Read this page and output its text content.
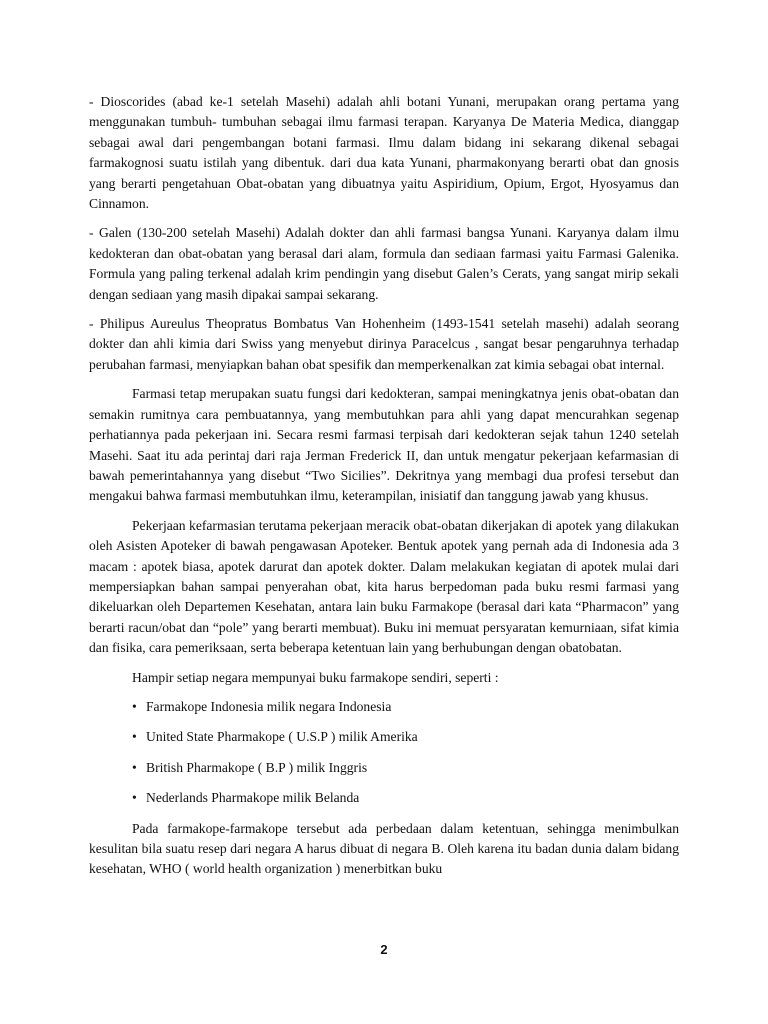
- Dioscorides (abad ke-1 setelah Masehi) adalah ahli botani Yunani, merupakan orang pertama yang menggunakan tumbuh- tumbuhan sebagai ilmu farmasi terapan. Karyanya De Materia Medica, dianggap sebagai awal dari pengembangan botani farmasi. Ilmu dalam bidang ini sekarang dikenal sebagai farmakognosi suatu istilah yang dibentuk. dari dua kata Yunani, pharmakonyang berarti obat dan gnosis yang berarti pengetahuan Obat-obatan yang dibuatnya yaitu Aspiridium, Opium, Ergot, Hyosyamus dan Cinnamon.

- Galen (130-200 setelah Masehi) Adalah dokter dan ahli farmasi bangsa Yunani. Karyanya dalam ilmu kedokteran dan obat-obatan yang berasal dari alam, formula dan sediaan farmasi yaitu Farmasi Galenika. Formula yang paling terkenal adalah krim pendingin yang disebut Galen’s Cerats, yang sangat mirip sekali dengan sediaan yang masih dipakai sampai sekarang.

- Philipus Aureulus Theopratus Bombatus Van Hohenheim (1493-1541 setelah masehi) adalah seorang dokter dan ahli kimia dari Swiss yang menyebut dirinya Paracelcus , sangat besar pengaruhnya terhadap perubahan farmasi, menyiapkan bahan obat spesifik dan memperkenalkan zat kimia sebagai obat internal.

Farmasi tetap merupakan suatu fungsi dari kedokteran, sampai meningkatnya jenis obat-obatan dan semakin rumitnya cara pembuatannya, yang membutuhkan para ahli yang dapat mencurahkan segenap perhatiannya pada pekerjaan ini. Secara resmi farmasi terpisah dari kedokteran sejak tahun 1240 setelah Masehi. Saat itu ada perintaj dari raja Jerman Frederick II, dan untuk mengatur pekerjaan kefarmasian di bawah pemerintahannya yang disebut “Two Sicilies”. Dekritnya yang membagi dua profesi tersebut dan mengakui bahwa farmasi membutuhkan ilmu, keterampilan, inisiatif dan tanggung jawab yang khusus.

Pekerjaan kefarmasian terutama pekerjaan meracik obat-obatan dikerjakan di apotek yang dilakukan oleh Asisten Apoteker di bawah pengawasan Apoteker. Bentuk apotek yang pernah ada di Indonesia ada 3 macam : apotek biasa, apotek darurat dan apotek dokter. Dalam melakukan kegiatan di apotek mulai dari mempersiapkan bahan sampai penyerahan obat, kita harus berpedoman pada buku resmi farmasi yang dikeluarkan oleh Departemen Kesehatan, antara lain buku Farmakope (berasal dari kata “Pharmacon” yang berarti racun/obat dan “pole” yang berarti membuat). Buku ini memuat persyaratan kemurniaan, sifat kimia dan fisika, cara pemeriksaan, serta beberapa ketentuan lain yang berhubungan dengan obatobatan.

Hampir setiap negara mempunyai buku farmakope sendiri, seperti :

• Farmakope Indonesia milik negara Indonesia
• United State Pharmakope ( U.S.P ) milik Amerika
• British Pharmakope ( B.P ) milik Inggris
• Nederlands Pharmakope milik Belanda

Pada farmakope-farmakope tersebut ada perbedaan dalam ketentuan, sehingga menimbulkan kesulitan bila suatu resep dari negara A harus dibuat di negara B. Oleh karena itu badan dunia dalam bidang kesehatan, WHO ( world health organization ) menerbitkan buku

2
